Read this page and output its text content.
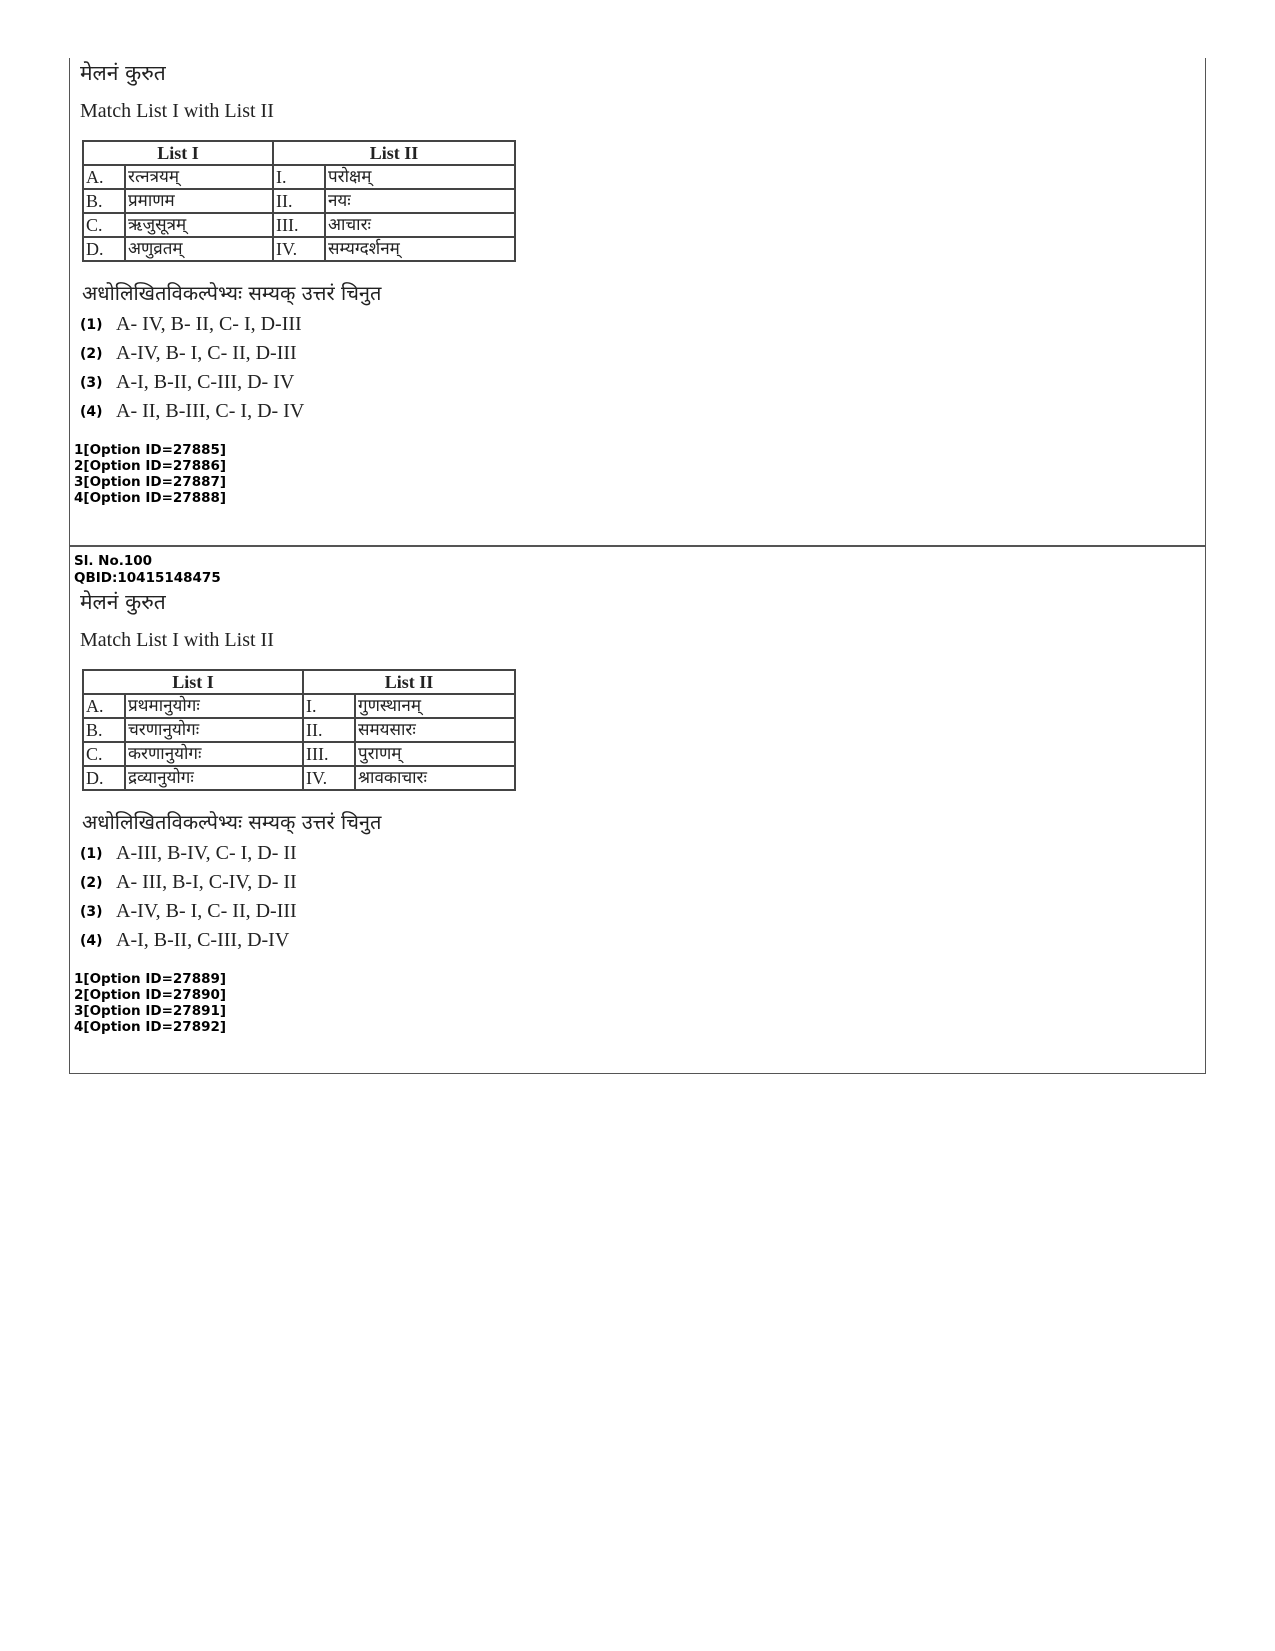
मेलनं कुरुत
Match List I with List II
List I		List II	
A.	रत्नत्रयम्	I.	परोक्षम्
B.	प्रमाणम	II.	नयः
C.	ऋजुसूत्रम्	III.	आचारः
D.	अणुव्रतम्	IV.	सम्यग्दर्शनम्
अधोलिखितविकल्पेभ्यः सम्यक् उत्तरं चिनुत
(1) A- IV, B- II, C- I, D-III
(2) A-IV, B- I, C- II, D-III
(3) A-I, B-II, C-III, D- IV
(4) A- II, B-III, C- I, D- IV
1[Option ID=27885]
2[Option ID=27886]
3[Option ID=27887]
4[Option ID=27888]
Sl. No.100
QBID:10415148475
मेलनं कुरुत
Match List I with List II
List I		List II	
A.	प्रथमानुयोगः	I.	गुणस्थानम्
B.	चरणानुयोगः	II.	समयसारः
C.	करणानुयोगः	III.	पुराणम्
D.	द्रव्यानुयोगः	IV.	श्रावकाचारः
अधोलिखितविकल्पेभ्यः सम्यक् उत्तरं चिनुत
(1) A-III, B-IV, C- I, D- II
(2) A- III, B-I, C-IV, D- II
(3) A-IV, B- I, C- II, D-III
(4) A-I, B-II, C-III, D-IV
1[Option ID=27889]
2[Option ID=27890]
3[Option ID=27891]
4[Option ID=27892]
